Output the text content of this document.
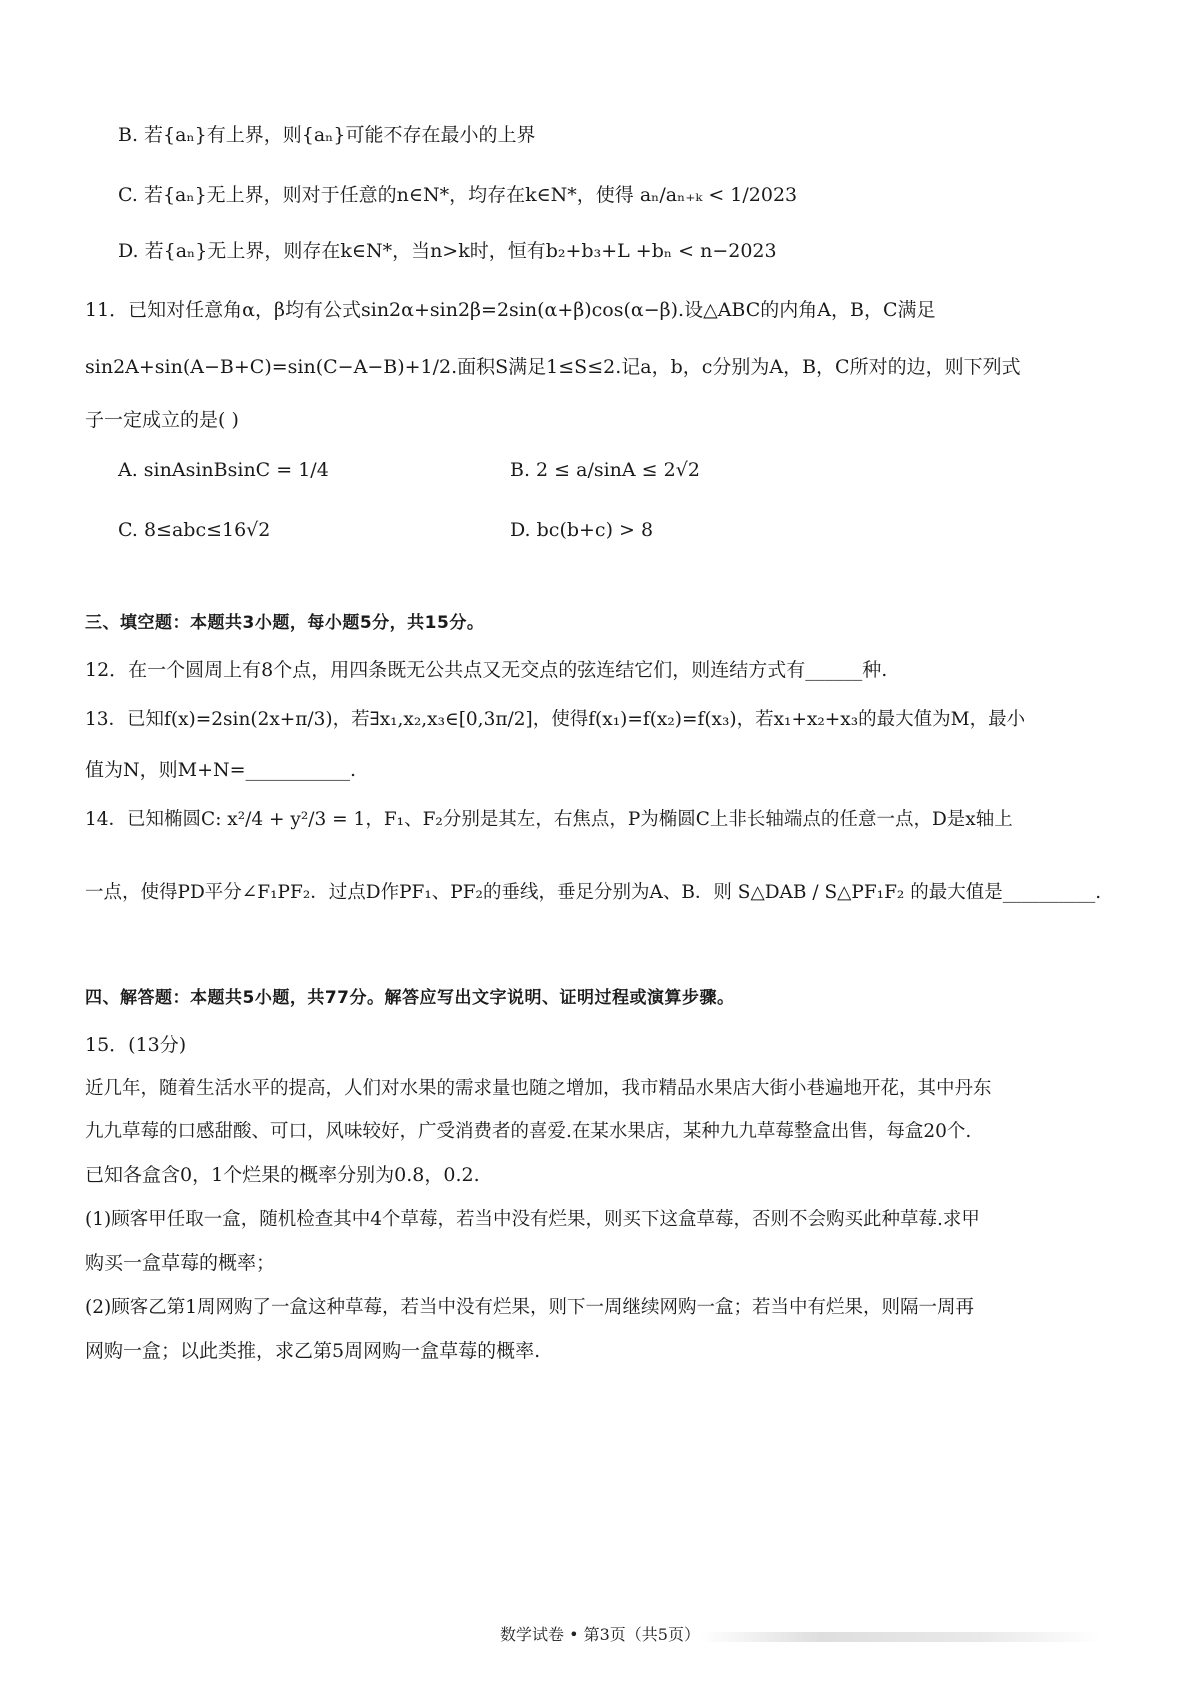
B. 若{aₙ}有上界，则{aₙ}可能不存在最小的上界
C. 若{aₙ}无上界，则对于任意的n∈N*，均存在k∈N*，使得 aₙ/aₙ₊ₖ < 1/2023
D. 若{aₙ}无上界，则存在k∈N*，当n>k时，恒有b₂+b₃+L +bₙ < n−2023
11．已知对任意角α，β均有公式sin2α+sin2β=2sin(α+β)cos(α−β).设△ABC的内角A，B，C满足
sin2A+sin(A−B+C)=sin(C−A−B)+1/2.面积S满足1≤S≤2.记a，b，c分别为A，B，C所对的边，则下列式
子一定成立的是( )
A. sinAsinBsinC = 1/4	B. 2 ≤ a/sinA ≤ 2√2
C. 8≤abc≤16√2	D. bc(b+c) > 8
三、填空题：本题共3小题，每小题5分，共15分。
12．在一个圆周上有8个点，用四条既无公共点又无交点的弦连结它们，则连结方式有______种.
13．已知f(x)=2sin(2x+π/3)，若∃x₁,x₂,x₃∈[0,3π/2]，使得f(x₁)=f(x₂)=f(x₃)，若x₁+x₂+x₃的最大值为M，最小
值为N，则M+N=___________.
14．已知椭圆C: x²/4 + y²/3 = 1，F₁、F₂分别是其左，右焦点，P为椭圆C上非长轴端点的任意一点，D是x轴上
一点，使得PD平分∠F₁PF₂．过点D作PF₁、PF₂的垂线，垂足分别为A、B．则 S△DAB / S△PF₁F₂ 的最大值是__________.
四、解答题：本题共5小题，共77分。解答应写出文字说明、证明过程或演算步骤。
15．(13分)
近几年，随着生活水平的提高，人们对水果的需求量也随之增加，我市精品水果店大街小巷遍地开花，其中丹东
九九草莓的口感甜酸、可口，风味较好，广受消费者的喜爱.在某水果店，某种九九草莓整盒出售，每盒20个.
已知各盒含0，1个烂果的概率分别为0.8，0.2.
(1)顾客甲任取一盒，随机检查其中4个草莓，若当中没有烂果，则买下这盒草莓，否则不会购买此种草莓.求甲
购买一盒草莓的概率；
(2)顾客乙第1周网购了一盒这种草莓，若当中没有烂果，则下一周继续网购一盒；若当中有烂果，则隔一周再
网购一盒；以此类推，求乙第5周网购一盒草莓的概率.
数学试卷 • 第3页（共5页）
